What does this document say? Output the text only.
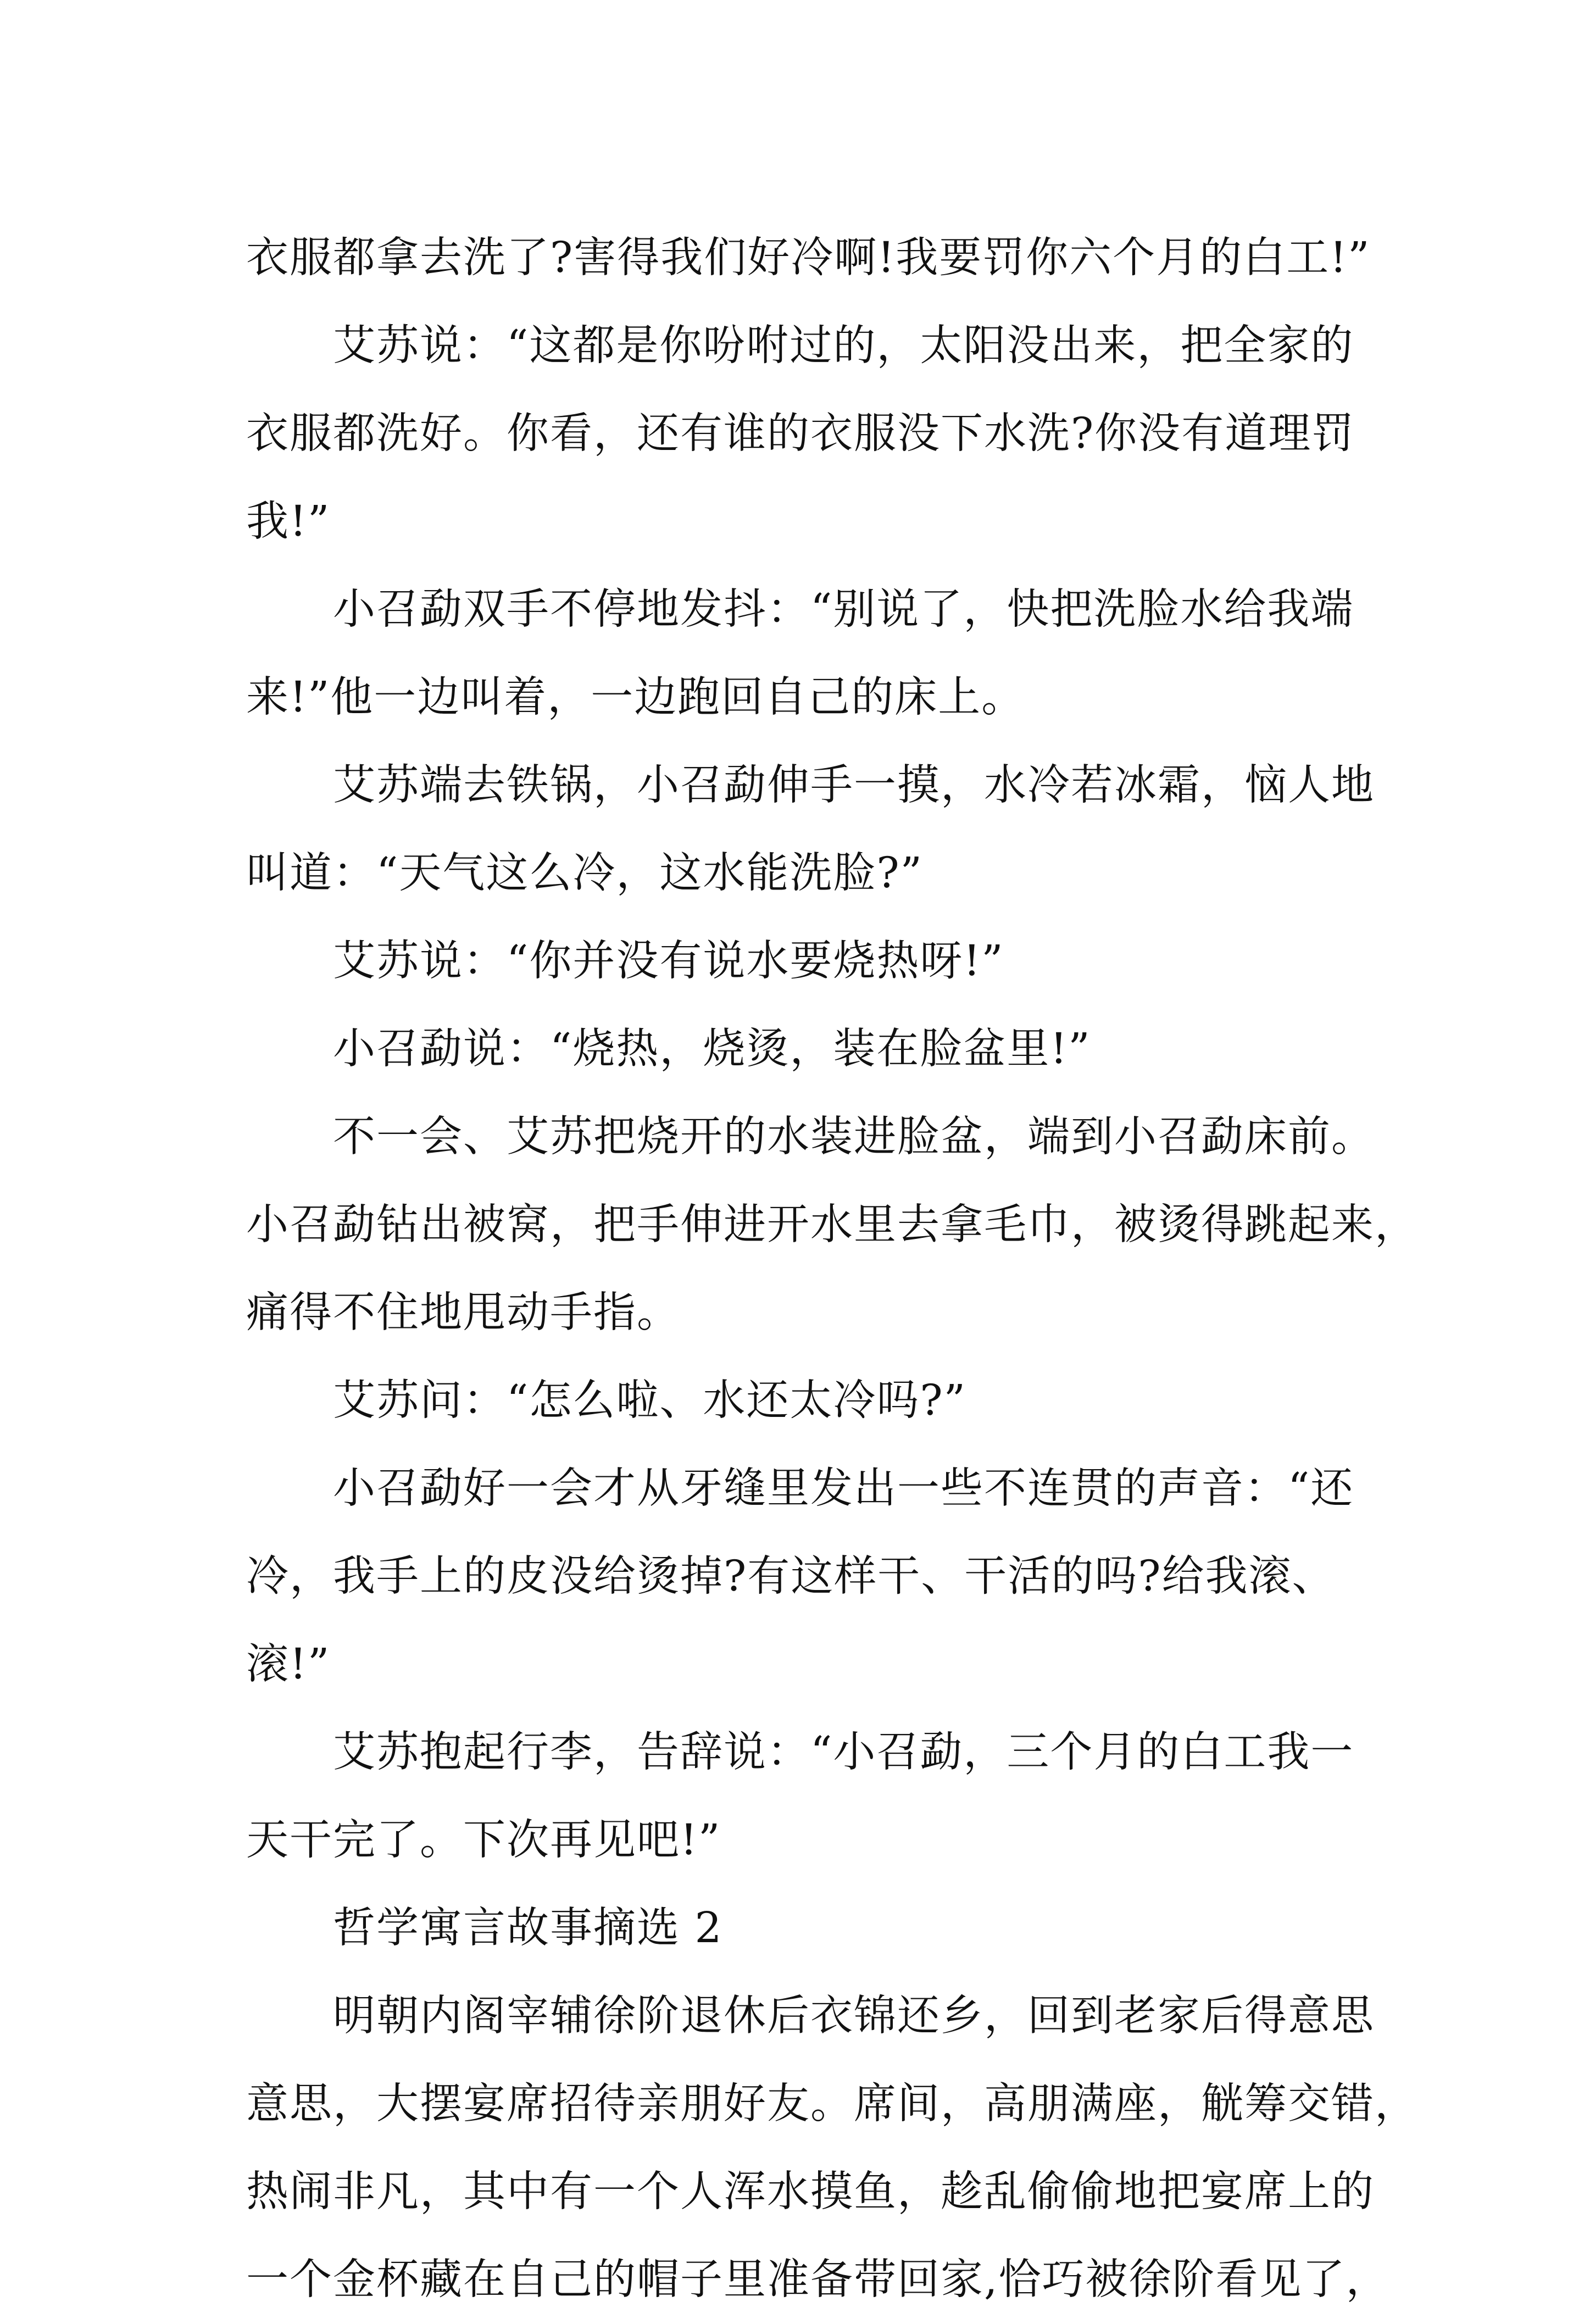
衣服都拿去洗了?害得我们好冷啊!我要罚你六个月的白工!”
艾苏说：“这都是你吩咐过的，太阳没出来，把全家的
衣服都洗好。你看，还有谁的衣服没下水洗?你没有道理罚
我!”
小召勐双手不停地发抖：“别说了，快把洗脸水给我端
来!”他一边叫着，一边跑回自己的床上。
艾苏端去铁锅，小召勐伸手一摸，水冷若冰霜，恼人地
叫道：“天气这么冷，这水能洗脸?”
艾苏说：“你并没有说水要烧热呀!”
小召勐说：“烧热，烧烫，装在脸盆里!”
不一会、艾苏把烧开的水装进脸盆，端到小召勐床前。
小召勐钻出被窝，把手伸进开水里去拿毛巾，被烫得跳起来，
痛得不住地甩动手指。
艾苏问：“怎么啦、水还太冷吗?”
小召勐好一会才从牙缝里发出一些不连贯的声音：“还
冷，我手上的皮没给烫掉?有这样干、干活的吗?给我滚、
滚!”
艾苏抱起行李，告辞说：“小召勐，三个月的白工我一
天干完了。下次再见吧!”
哲学寓言故事摘选 2
明朝内阁宰辅徐阶退休后衣锦还乡，回到老家后得意思
意思，大摆宴席招待亲朋好友。席间，高朋满座，觥筹交错，
热闹非凡，其中有一个人浑水摸鱼，趁乱偷偷地把宴席上的
一个金杯藏在自己的帽子里准备带回家,恰巧被徐阶看见了，
